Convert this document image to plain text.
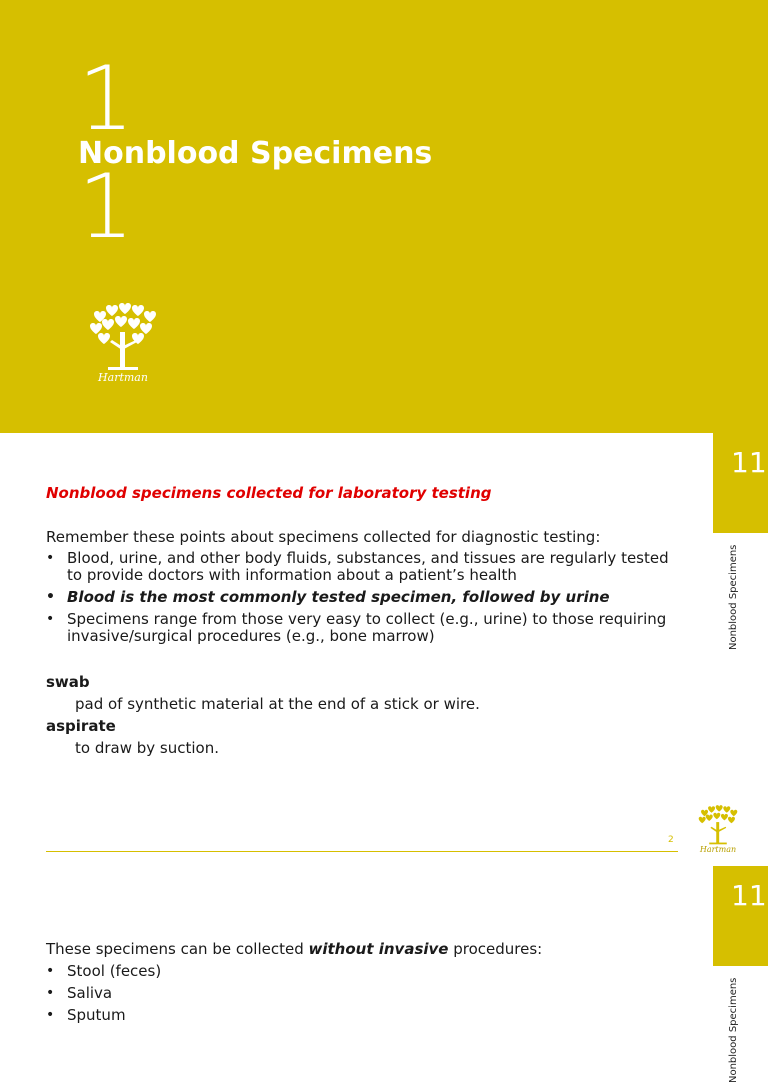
1
Nonblood Specimens
1
Hartman
11
Nonblood Specimens
Nonblood specimens collected for laboratory testing
Remember these points about specimens collected for diagnostic testing:
• Blood, urine, and other body fluids, substances, and tissues are regularly tested to provide doctors with information about a patient’s health
• Blood is the most commonly tested specimen, followed by urine
• Specimens range from those very easy to collect (e.g., urine) to those requiring invasive/surgical procedures (e.g., bone marrow)
swab
pad of synthetic material at the end of a stick or wire.
aspirate
to draw by suction.
2
Hartman
11
Nonblood Specimens
These specimens can be collected without invasive procedures:
• Stool (feces)
• Saliva
• Sputum
